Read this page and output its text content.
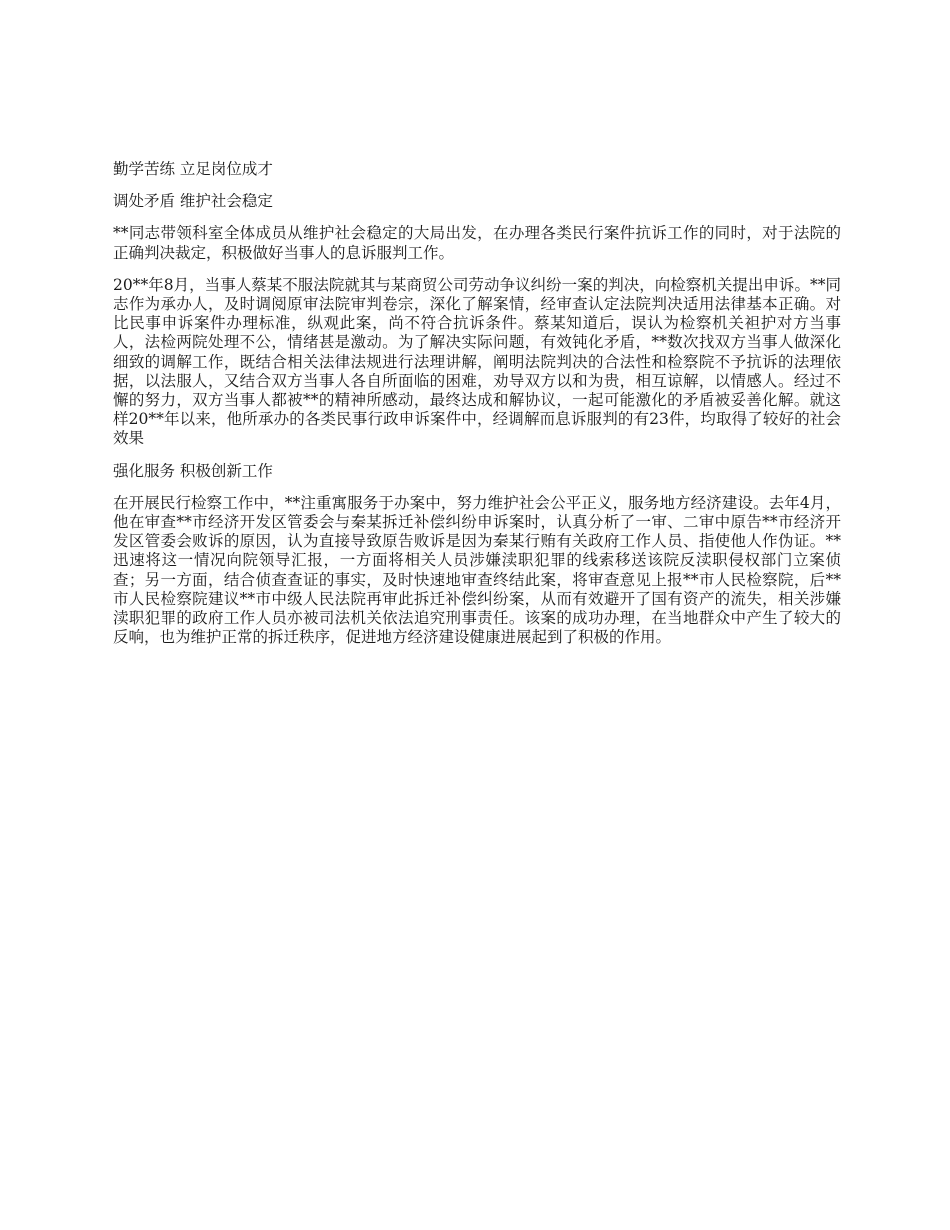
勤学苦练 立足岗位成才

调处矛盾 维护社会稳定

**同志带领科室全体成员从维护社会稳定的大局出发，在办理各类民行案件抗诉工作的同时，对于法院的正确判决裁定，积极做好当事人的息诉服判工作。

20**年8月，当事人蔡某不服法院就其与某商贸公司劳动争议纠纷一案的判决，向检察机关提出申诉。**同志作为承办人，及时调阅原审法院审判卷宗，深化了解案情，经审查认定法院判决适用法律基本正确。对比民事申诉案件办理标准，纵观此案，尚不符合抗诉条件。蔡某知道后，误认为检察机关袒护对方当事人，法检两院处理不公，情绪甚是激动。为了解决实际问题，有效钝化矛盾，**数次找双方当事人做深化细致的调解工作，既结合相关法律法规进行法理讲解，阐明法院判决的合法性和检察院不予抗诉的法理依据，以法服人，又结合双方当事人各自所面临的困难，劝导双方以和为贵，相互谅解，以情感人。经过不懈的努力，双方当事人都被**的精神所感动，最终达成和解协议，一起可能激化的矛盾被妥善化解。就这样20**年以来，他所承办的各类民事行政申诉案件中，经调解而息诉服判的有23件，均取得了较好的社会效果

强化服务 积极创新工作

在开展民行检察工作中，**注重寓服务于办案中，努力维护社会公平正义，服务地方经济建设。去年4月，他在审查**市经济开发区管委会与秦某拆迁补偿纠纷申诉案时，认真分析了一审、二审中原告**市经济开发区管委会败诉的原因，认为直接导致原告败诉是因为秦某行贿有关政府工作人员、指使他人作伪证。**迅速将这一情况向院领导汇报，一方面将相关人员涉嫌渎职犯罪的线索移送该院反渎职侵权部门立案侦查；另一方面，结合侦查查证的事实，及时快速地审查终结此案，将审查意见上报**市人民检察院，后**市人民检察院建议**市中级人民法院再审此拆迁补偿纠纷案，从而有效避开了国有资产的流失，相关涉嫌渎职犯罪的政府工作人员亦被司法机关依法追究刑事责任。该案的成功办理，在当地群众中产生了较大的反响，也为维护正常的拆迁秩序，促进地方经济建设健康进展起到了积极的作用。
